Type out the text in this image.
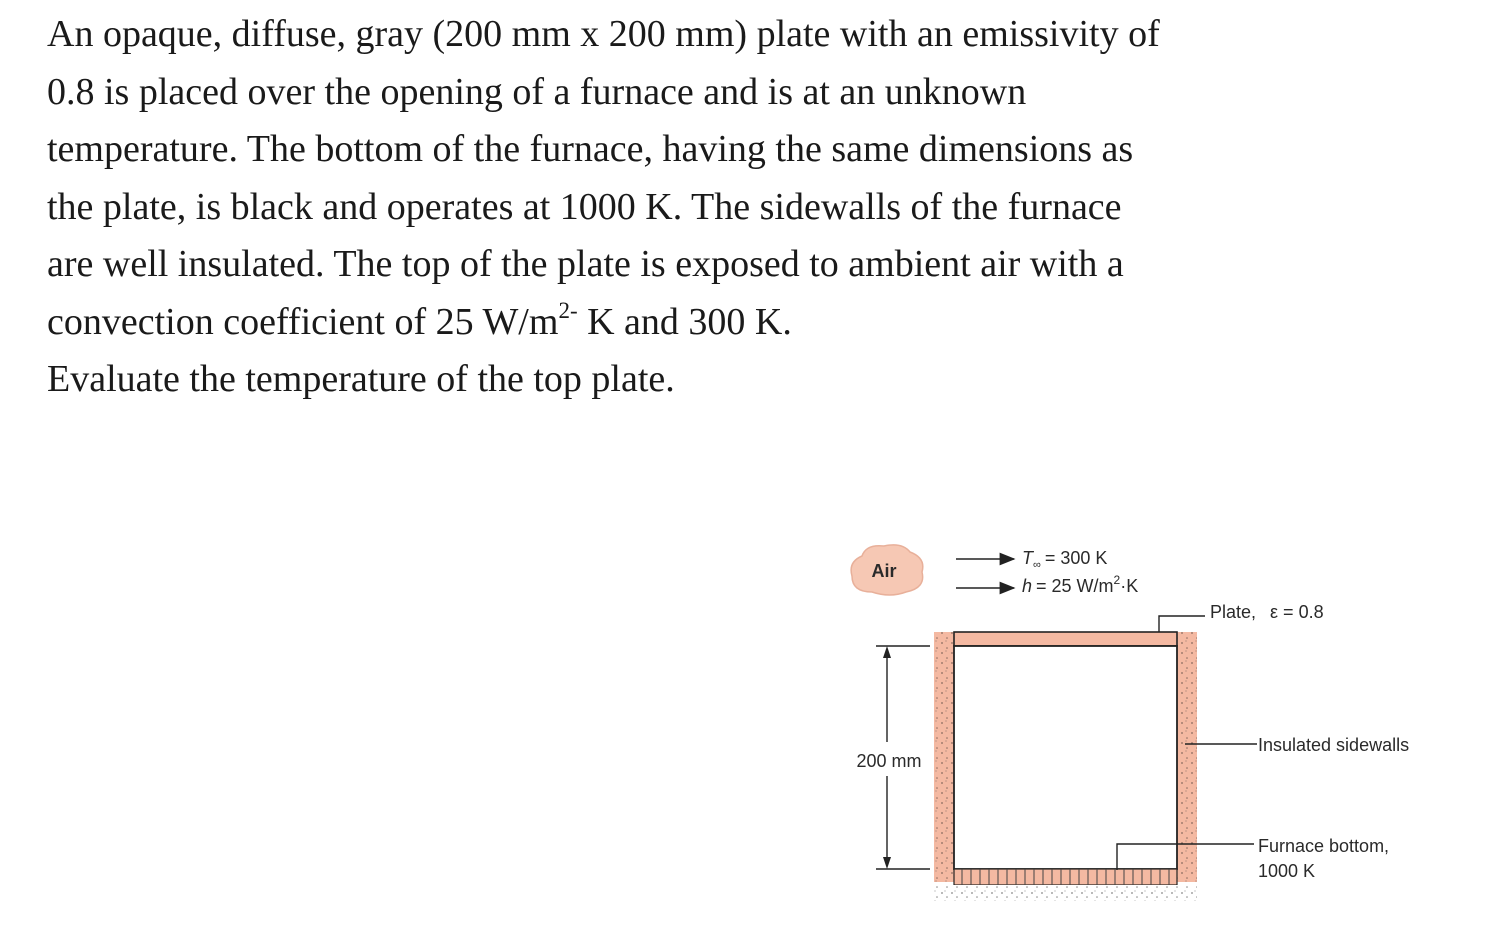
An opaque, diffuse, gray (200 mm x 200 mm) plate with an emissivity of
0.8 is placed over the opening of a furnace and is at an unknown
temperature. The bottom of the furnace, having the same dimensions as
the plate, is black and operates at 1000 K. The sidewalls of the furnace
are well insulated. The top of the plate is exposed to ambient air with a
convection coefficient of 25 $W/m^{2-}$ K and 300 K.
Evaluate the temperature of the top plate.
Air
$T_\infty = 300$ K
h = 25 $W/m^2\cdot K$
Plate, ε = 0.8
Insulated sidewalls
Furnace bottom,
1000 K
200 mm
